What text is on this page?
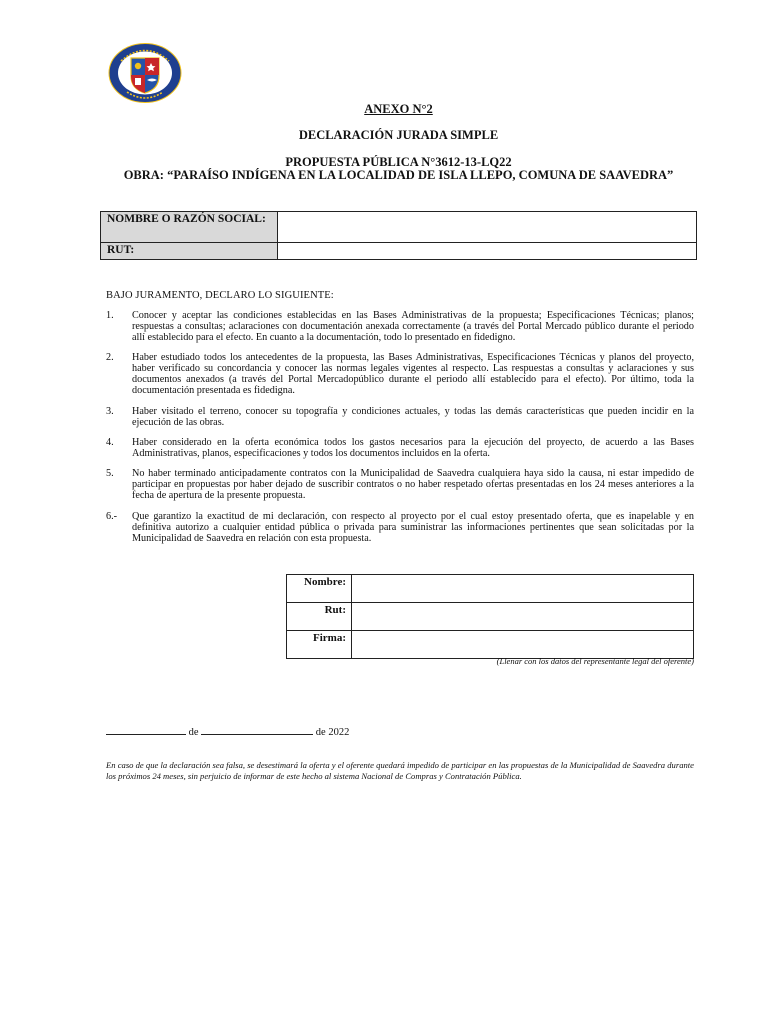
ANEXO N°2
DECLARACIÓN JURADA SIMPLE
PROPUESTA PÚBLICA N°3612-13-LQ22
OBRA: “PARAÍSO INDÍGENA EN LA LOCALIDAD DE ISLA LLEPO, COMUNA DE SAAVEDRA”
NOMBRE O RAZÓN SOCIAL:	
RUT:	
BAJO JURAMENTO, DECLARO LO SIGUIENTE:
1.	Conocer y aceptar las condiciones establecidas en las Bases Administrativas de la propuesta; Especificaciones Técnicas; planos; respuestas a consultas; aclaraciones con documentación anexada correctamente (a través del Portal Mercado público durante el periodo allí establecido para el efecto. En cuanto a la documentación, todo lo presentado en fidedigno.
2.	Haber estudiado todos los antecedentes de la propuesta, las Bases Administrativas, Especificaciones Técnicas y planos del proyecto, haber verificado su concordancia y conocer las normas legales vigentes al respecto. Las respuestas a consultas y aclaraciones y sus documentos anexados (a través del Portal Mercadopúblico durante el periodo allí establecido para el efecto). Por último, toda la documentación presentada es fidedigna.
3.	Haber visitado el terreno, conocer su topografía y condiciones actuales, y todas las demás características que pueden incidir en la ejecución de las obras.
4.	Haber considerado en la oferta económica todos los gastos necesarios para la ejecución del proyecto, de acuerdo a las Bases Administrativas, planos, especificaciones y todos los documentos incluidos en la oferta.
5.	No haber terminado anticipadamente contratos con la Municipalidad de Saavedra cualquiera haya sido la causa, ni estar impedido de participar en propuestas por haber dejado de suscribir contratos o no haber respetado ofertas presentadas en los 24 meses anteriores a la fecha de apertura de la presente propuesta.
6.-	Que garantizo la exactitud de mi declaración, con respecto al proyecto por el cual estoy presentado oferta, que es inapelable y en definitiva autorizo a cualquier entidad pública o privada para suministrar las informaciones pertinentes que sean solicitadas por la Municipalidad de Saavedra en relación con esta propuesta.
Nombre:	
Rut:	
Firma:	
(Llenar con los datos del representante legal del oferente)
de	de 2022
En caso de que la declaración sea falsa, se desestimará la oferta y el oferente quedará impedido de participar en las propuestas de la Municipalidad de Saavedra durante los próximos 24 meses, sin perjuicio de informar de este hecho al sistema Nacional de Compras y Contratación Pública.
